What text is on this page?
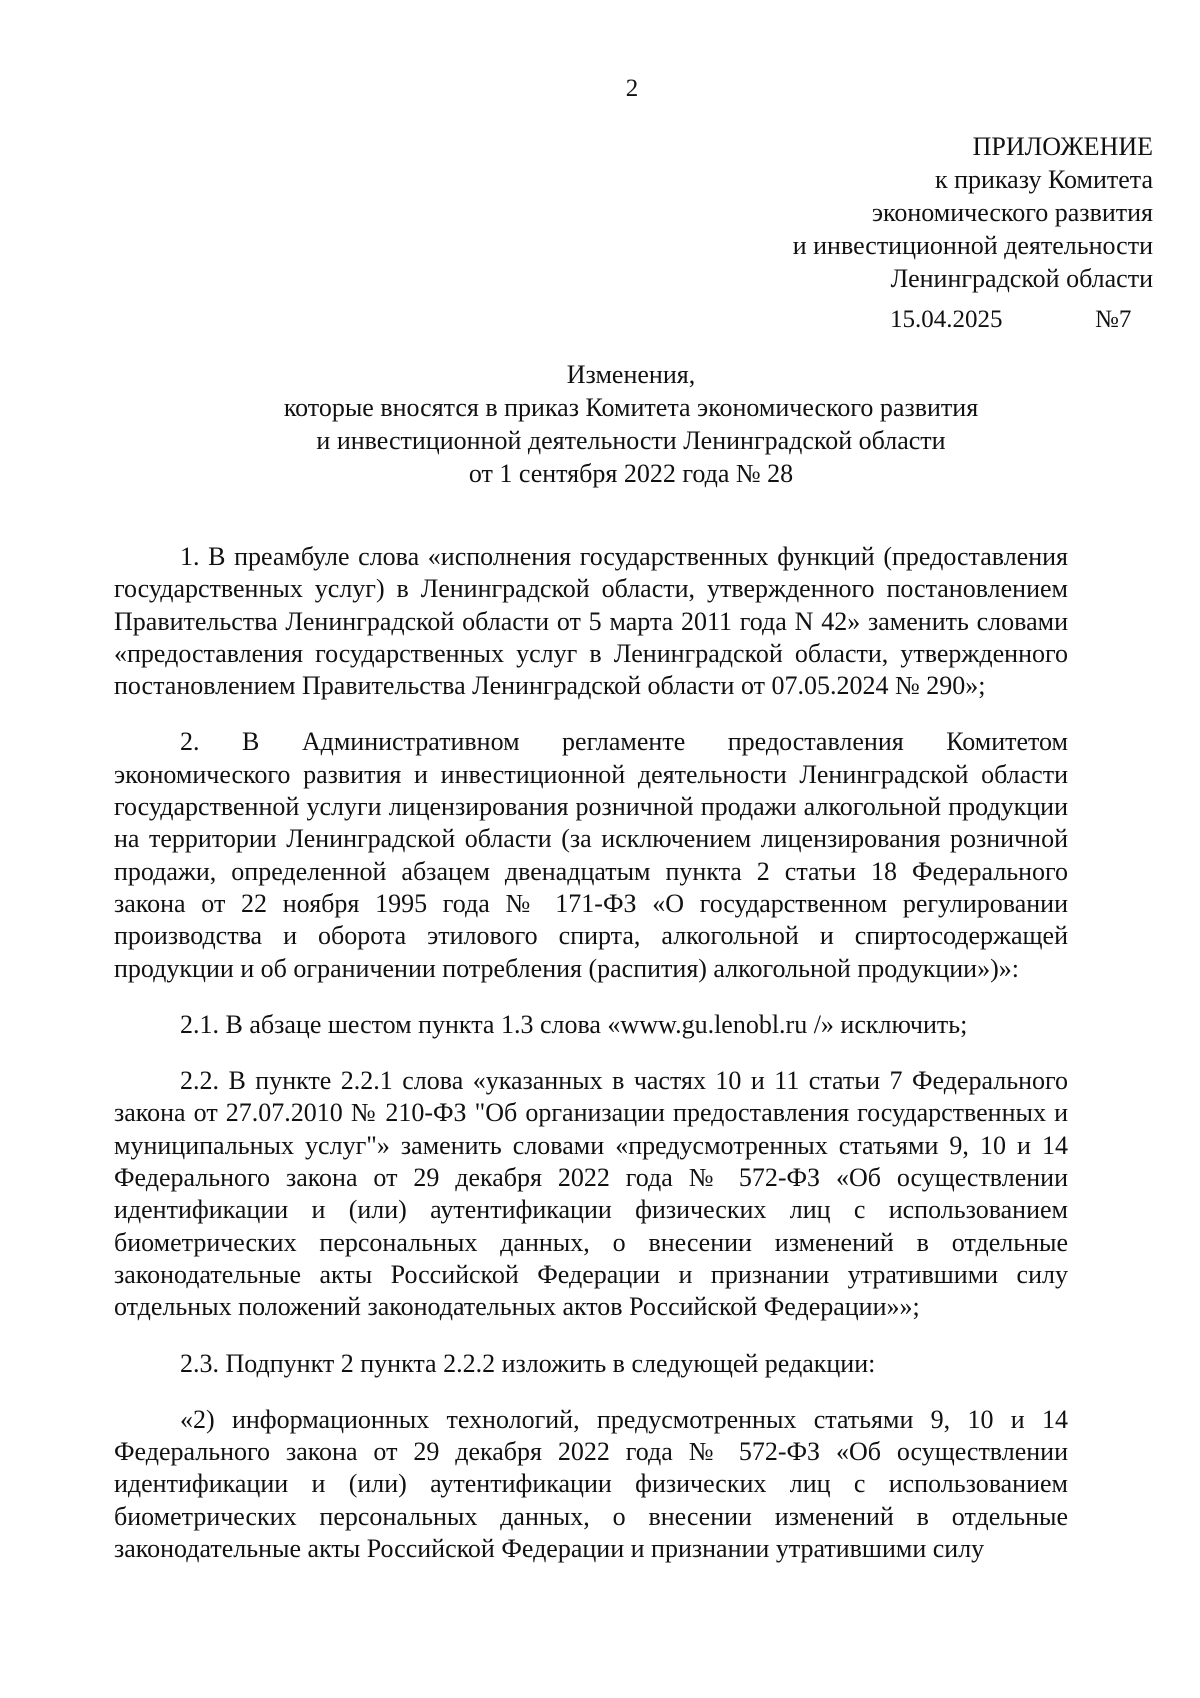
2
ПРИЛОЖЕНИЕ
к приказу Комитета
экономического развития
и инвестиционной деятельности
Ленинградской области
15.04.2025	№7
Изменения,
которые вносятся в приказ Комитета экономического развития
и инвестиционной деятельности Ленинградской области
от 1 сентября 2022 года № 28

1. В преамбуле слова «исполнения государственных функций (предоставления государственных услуг) в Ленинградской области, утвержденного постановлением Правительства Ленинградской области от 5 марта 2011 года N 42» заменить словами «предоставления государственных услуг в Ленинградской области, утвержденного постановлением Правительства Ленинградской области от 07.05.2024 № 290»;

2. В Административном регламенте предоставления Комитетом экономического развития и инвестиционной деятельности Ленинградской области государственной услуги лицензирования розничной продажи алкогольной продукции на территории Ленинградской области (за исключением лицензирования розничной продажи, определенной абзацем двенадцатым пункта 2 статьи 18 Федерального закона от 22 ноября 1995 года № 171-ФЗ «О государственном регулировании производства и оборота этилового спирта, алкогольной и спиртосодержащей продукции и об ограничении потребления (распития) алкогольной продукции»)»:

2.1. В абзаце шестом пункта 1.3 слова «www.gu.lenobl.ru /» исключить;

2.2. В пункте 2.2.1 слова «указанных в частях 10 и 11 статьи 7 Федерального закона от 27.07.2010 № 210-ФЗ "Об организации предоставления государственных и муниципальных услуг"» заменить словами «предусмотренных статьями 9, 10 и 14 Федерального закона от 29 декабря 2022 года № 572-ФЗ «Об осуществлении идентификации и (или) аутентификации физических лиц с использованием биометрических персональных данных, о внесении изменений в отдельные законодательные акты Российской Федерации и признании утратившими силу отдельных положений законодательных актов Российской Федерации»»;

2.3. Подпункт 2 пункта 2.2.2 изложить в следующей редакции:

«2) информационных технологий, предусмотренных статьями 9, 10 и 14 Федерального закона от 29 декабря 2022 года № 572-ФЗ «Об осуществлении идентификации и (или) аутентификации физических лиц с использованием биометрических персональных данных, о внесении изменений в отдельные законодательные акты Российской Федерации и признании утратившими силу
